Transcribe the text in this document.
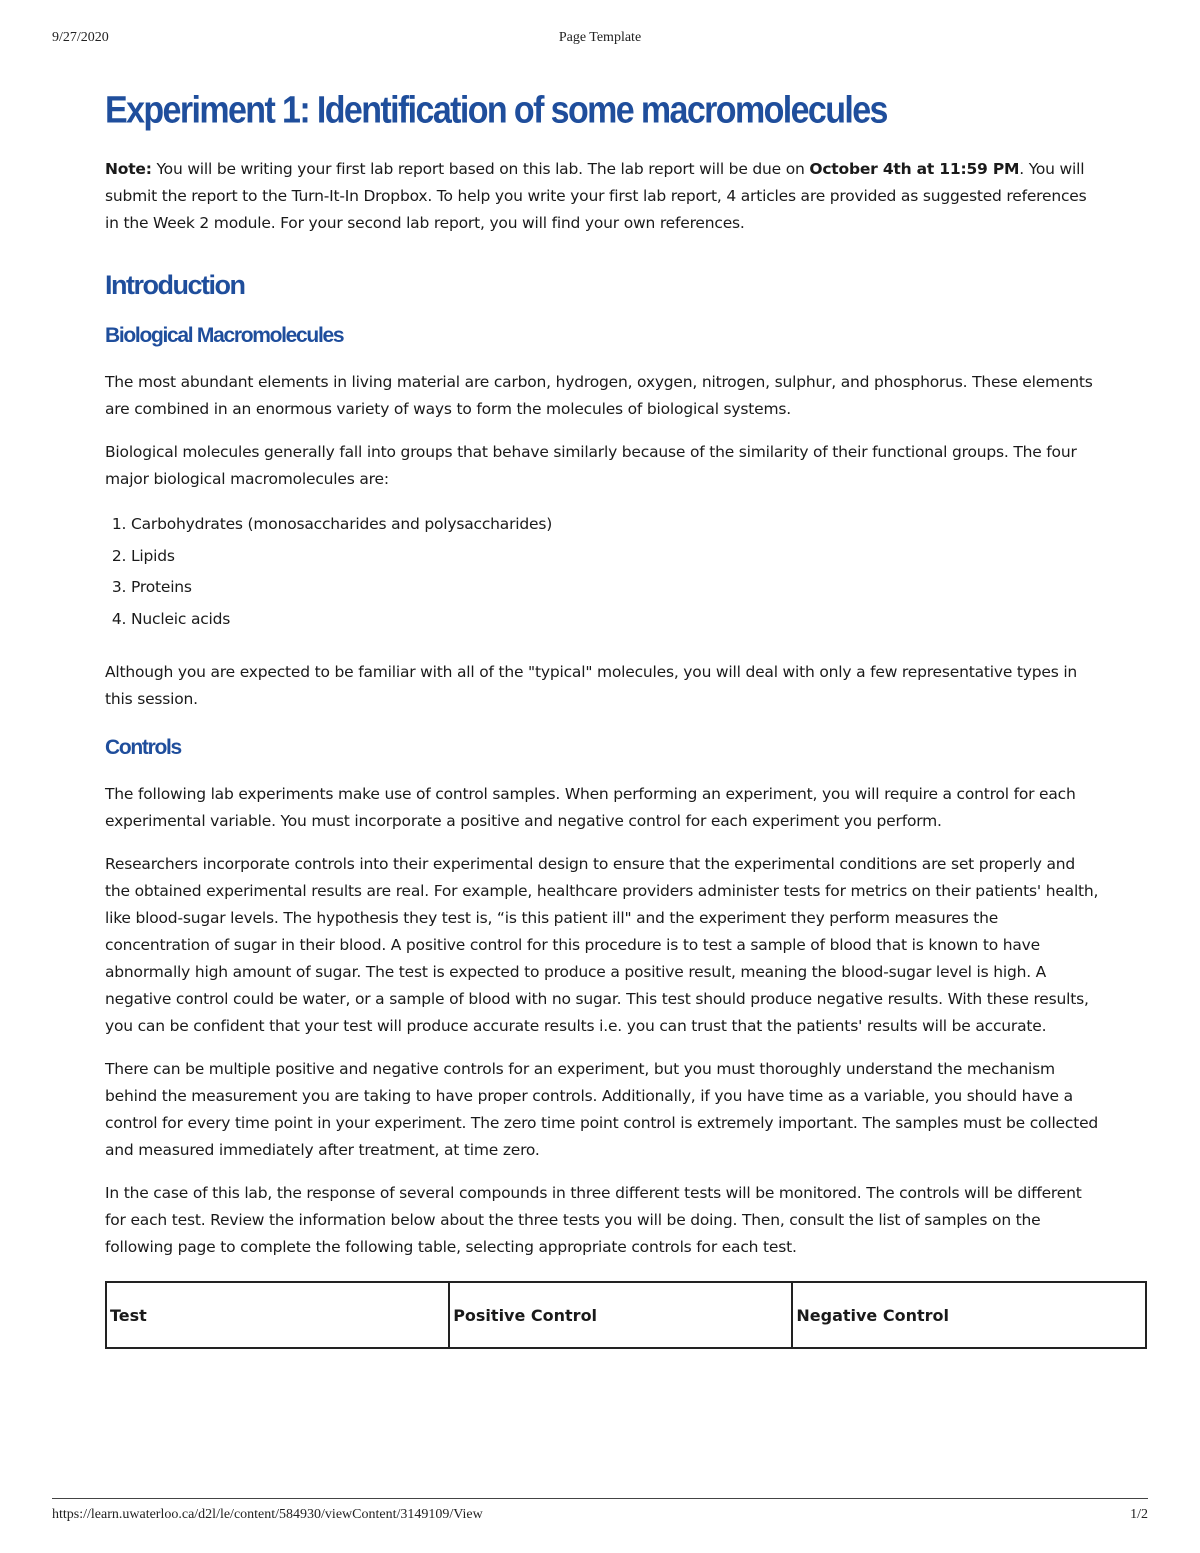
9/27/2020	Page Template
Experiment 1: Identification of some macromolecules

Note: You will be writing your first lab report based on this lab. The lab report will be due on October 4th at 11:59 PM. You will submit the report to the Turn-It-In Dropbox. To help you write your first lab report, 4 articles are provided as suggested references in the Week 2 module. For your second lab report, you will find your own references.

Introduction
Biological Macromolecules

The most abundant elements in living material are carbon, hydrogen, oxygen, nitrogen, sulphur, and phosphorus. These elements are combined in an enormous variety of ways to form the molecules of biological systems.

Biological molecules generally fall into groups that behave similarly because of the similarity of their functional groups. The four major biological macromolecules are:

1. Carbohydrates (monosaccharides and polysaccharides)
2. Lipids
3. Proteins
4. Nucleic acids

Although you are expected to be familiar with all of the "typical" molecules, you will deal with only a few representative types in this session.

Controls

The following lab experiments make use of control samples. When performing an experiment, you will require a control for each experimental variable. You must incorporate a positive and negative control for each experiment you perform.

Researchers incorporate controls into their experimental design to ensure that the experimental conditions are set properly and the obtained experimental results are real. For example, healthcare providers administer tests for metrics on their patients' health, like blood-sugar levels. The hypothesis they test is, “is this patient ill" and the experiment they perform measures the concentration of sugar in their blood. A positive control for this procedure is to test a sample of blood that is known to have abnormally high amount of sugar. The test is expected to produce a positive result, meaning the blood-sugar level is high. A negative control could be water, or a sample of blood with no sugar. This test should produce negative results. With these results, you can be confident that your test will produce accurate results i.e. you can trust that the patients' results will be accurate.

There can be multiple positive and negative controls for an experiment, but you must thoroughly understand the mechanism behind the measurement you are taking to have proper controls. Additionally, if you have time as a variable, you should have a control for every time point in your experiment. The zero time point control is extremely important. The samples must be collected and measured immediately after treatment, at time zero.

In the case of this lab, the response of several compounds in three different tests will be monitored. The controls will be different for each test. Review the information below about the three tests you will be doing. Then, consult the list of samples on the following page to complete the following table, selecting appropriate controls for each test.

Test	Positive Control	Negative Control
https://learn.uwaterloo.ca/d2l/le/content/584930/viewContent/3149109/View	1/2
